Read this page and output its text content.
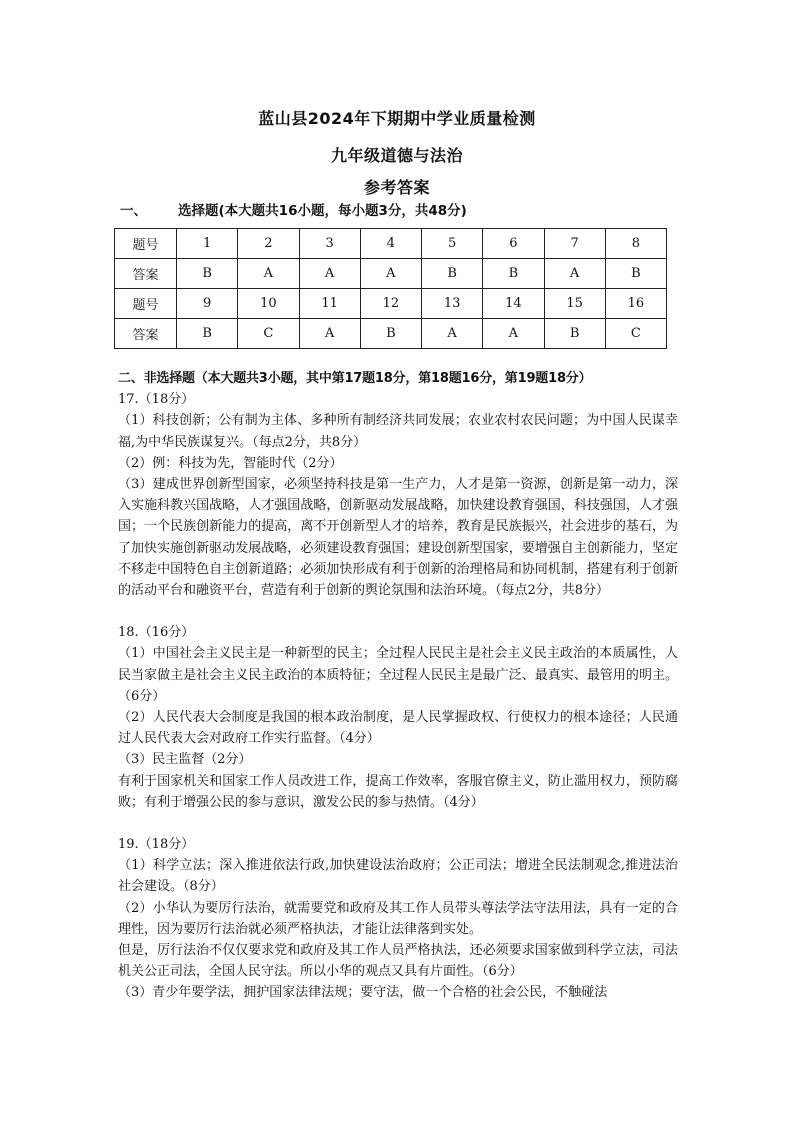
蓝山县2024年下期期中学业质量检测
九年级道德与法治
参考答案
一、 选择题(本大题共16小题，每小题3分，共48分)
题号	1	2	3	4	5	6	7	8
答案	B	A	A	A	B	B	A	B
题号	9	10	11	12	13	14	15	16
答案	B	C	A	B	A	A	B	C

二、非选择题（本大题共3小题，其中第17题18分，第18题16分，第19题18分）

17.（18分）

（1）科技创新；公有制为主体、多种所有制经济共同发展；农业农村农民问题；为中国人民谋幸福,为中华民族谋复兴。（每点2分，共8分）

（2）例：科技为先，智能时代（2分）

（3）建成世界创新型国家，必须坚持科技是第一生产力，人才是第一资源，创新是第一动力，深入实施科教兴国战略，人才强国战略，创新驱动发展战略，加快建设教育强国，科技强国，人才强国；一个民族创新能力的提高，离不开创新型人才的培养，教育是民族振兴，社会进步的基石，为了加快实施创新驱动发展战略，必须建设教育强国；建设创新型国家，要增强自主创新能力，坚定不移走中国特色自主创新道路；必须加快形成有利于创新的治理格局和协同机制，搭建有利于创新的活动平台和融资平台，营造有利于创新的舆论氛围和法治环境。（每点2分，共8分）

18.（16分）

（1）中国社会主义民主是一种新型的民主；全过程人民民主是社会主义民主政治的本质属性，人民当家做主是社会主义民主政治的本质特征；全过程人民民主是最广泛、最真实、最管用的明主。（6分）

（2）人民代表大会制度是我国的根本政治制度，是人民掌握政权、行使权力的根本途径；人民通过人民代表大会对政府工作实行监督。（4分）

（3）民主监督（2分）

有利于国家机关和国家工作人员改进工作，提高工作效率，客服官僚主义，防止滥用权力，预防腐败；有利于增强公民的参与意识，激发公民的参与热情。（4分）

19.（18分）

（1）科学立法；深入推进依法行政,加快建设法治政府；公正司法；增进全民法制观念,推进法治社会建设。（8分）

（2）小华认为要厉行法治，就需要党和政府及其工作人员带头尊法学法守法用法，具有一定的合理性，因为要厉行法治就必须严格执法，才能让法律落到实处。

但是，厉行法治不仅仅要求党和政府及其工作人员严格执法，还必须要求国家做到科学立法，司法机关公正司法，全国人民守法。所以小华的观点又具有片面性。（6分）

（3）青少年要学法，拥护国家法律法规；要守法，做一个合格的社会公民，不触碰法
